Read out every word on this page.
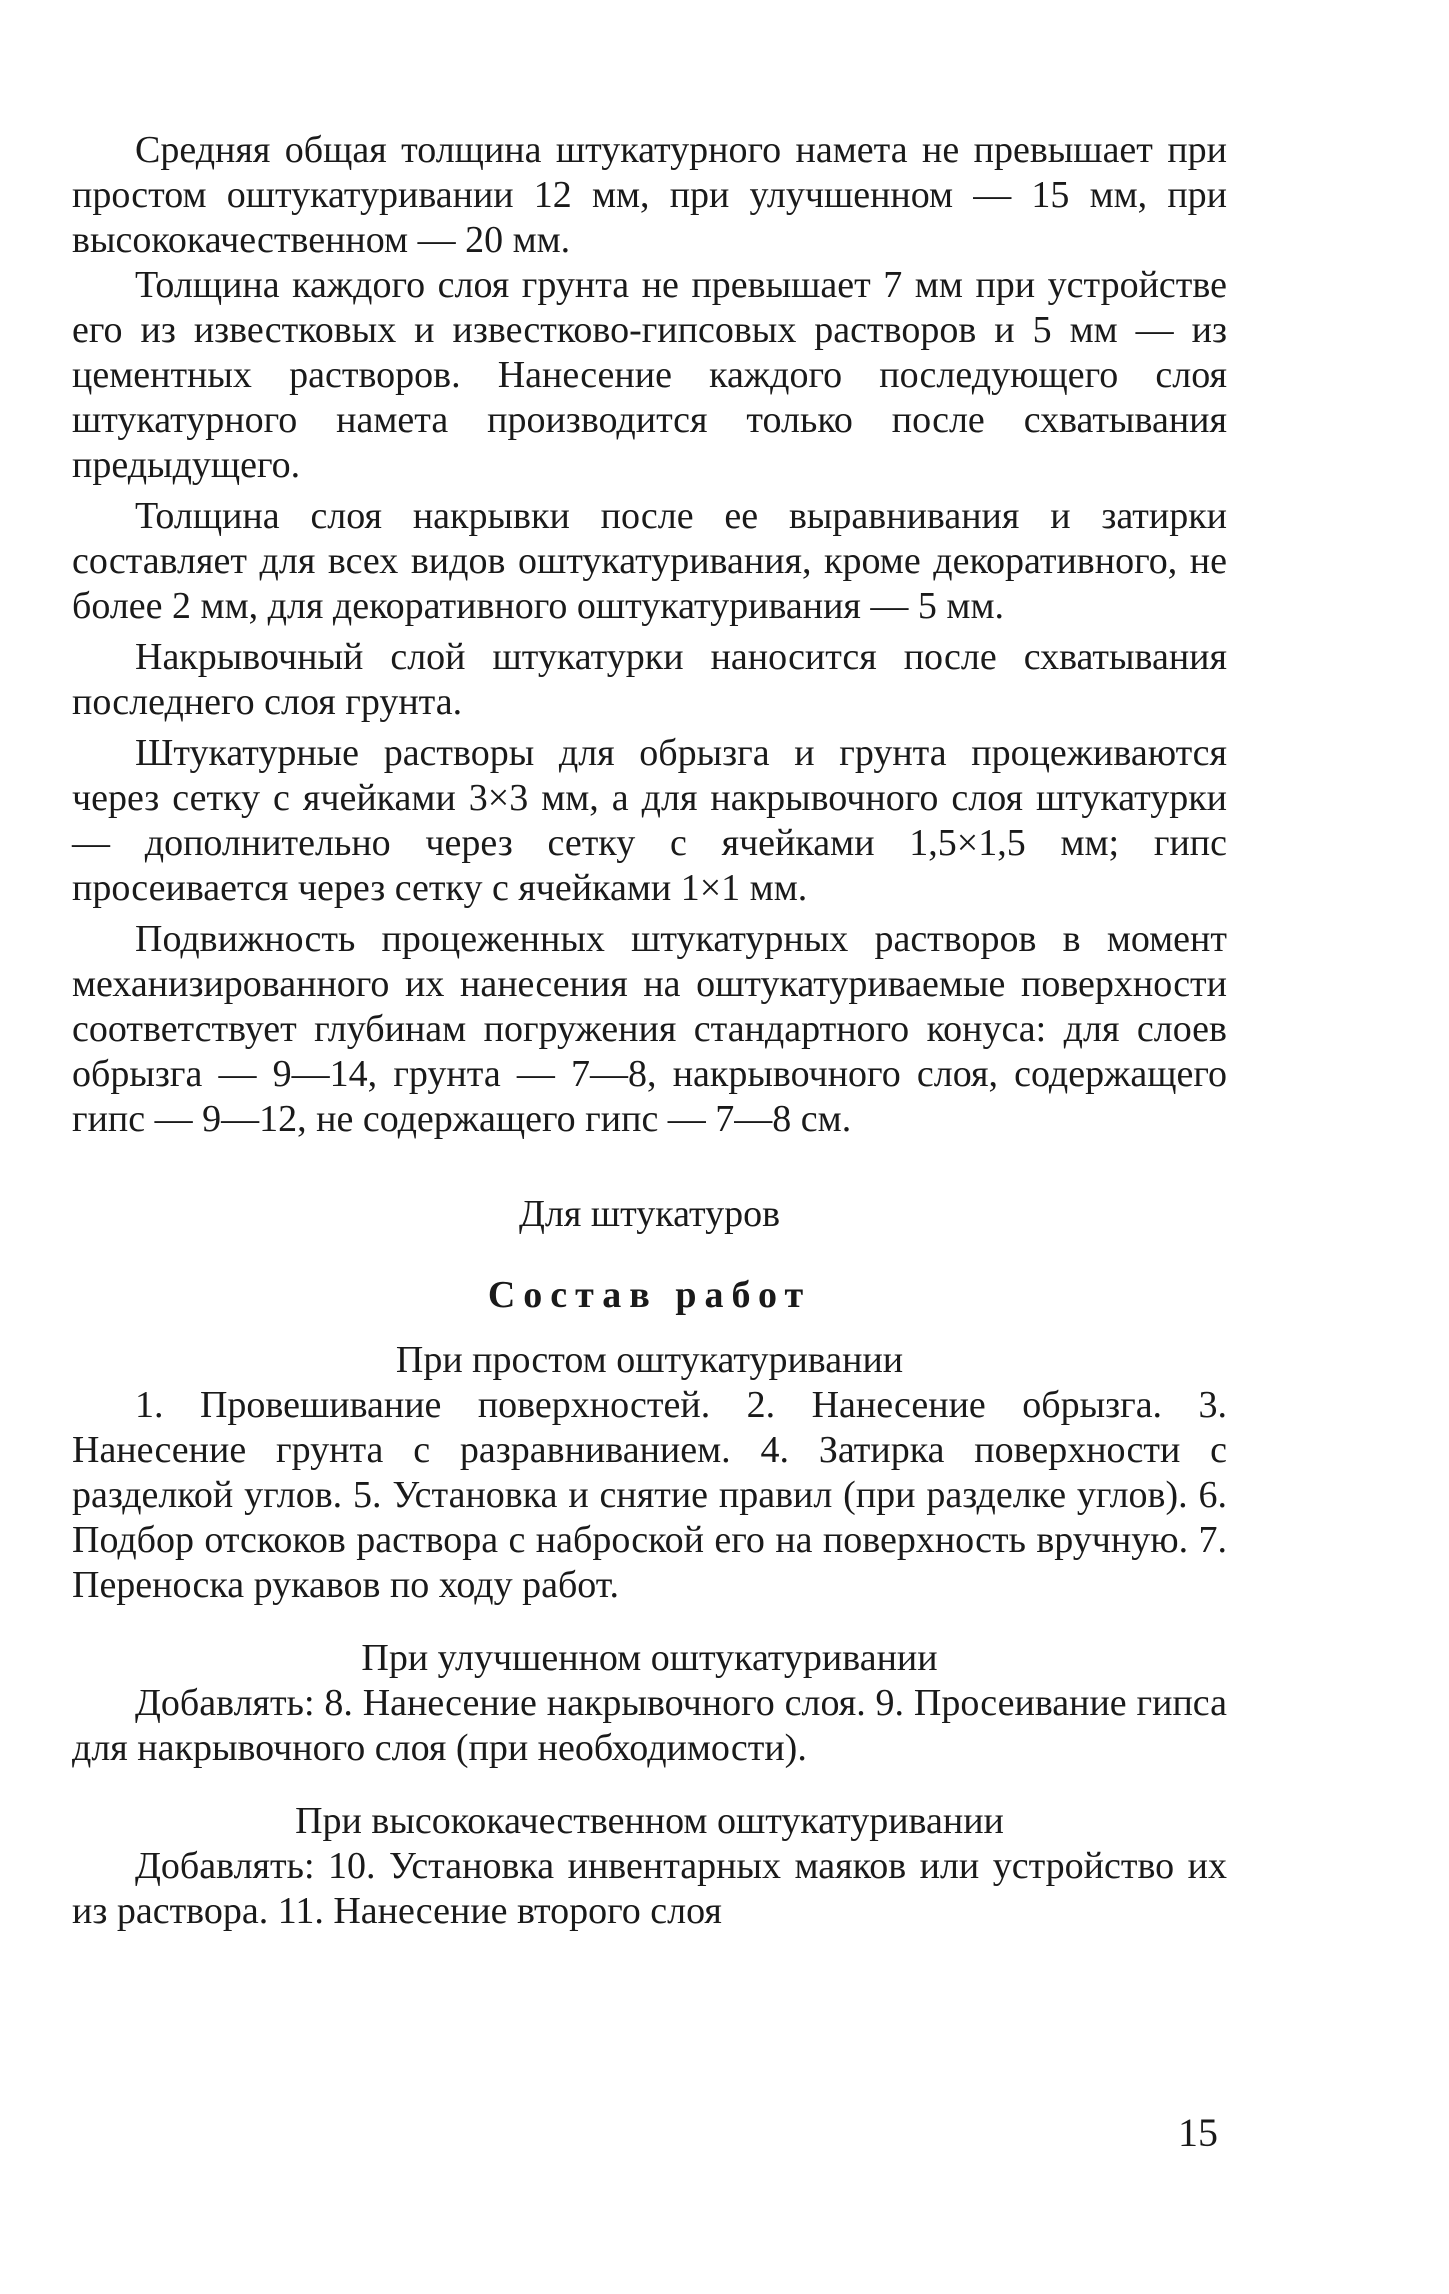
Средняя общая толщина штукатурного намета не превышает при простом оштукатуривании 12 мм, при улучшенном — 15 мм, при высококачественном — 20 мм.

Толщина каждого слоя грунта не превышает 7 мм при устройстве его из известковых и известково-гипсовых растворов и 5 мм — из цементных растворов. Нанесение каждого последующего слоя штукатурного намета производится только после схватывания предыдущего.

Толщина слоя накрывки после ее выравнивания и затирки составляет для всех видов оштукатуривания, кроме декоративного, не более 2 мм, для декоративного оштукатуривания — 5 мм.

Накрывочный слой штукатурки наносится после схватывания последнего слоя грунта.

Штукатурные растворы для обрызга и грунта процеживаются через сетку с ячейками 3×3 мм, а для накрывочного слоя штукатурки — дополнительно через сетку с ячейками 1,5×1,5 мм; гипс просеивается через сетку с ячейками 1×1 мм.

Подвижность процеженных штукатурных растворов в момент механизированного их нанесения на оштукатуриваемые поверхности соответствует глубинам погружения стандартного конуса: для слоев обрызга — 9—14, грунта — 7—8, накрывочного слоя, содержащего гипс — 9—12, не содержащего гипс — 7—8 см.

Для штукатуров
Состав работ
При простом оштукатуривании

1. Провешивание поверхностей. 2. Нанесение обрызга. 3. Нанесение грунта с разравниванием. 4. Затирка поверхности с разделкой углов. 5. Установка и снятие правил (при разделке углов). 6. Подбор отскоков раствора с наброской его на поверхность вручную. 7. Переноска рукавов по ходу работ.

При улучшенном оштукатуривании

Добавлять: 8. Нанесение накрывочного слоя. 9. Просеивание гипса для накрывочного слоя (при необходимости).

При высококачественном оштукатуривании

Добавлять: 10. Установка инвентарных маяков или устройство их из раствора. 11. Нанесение второго слоя

15
